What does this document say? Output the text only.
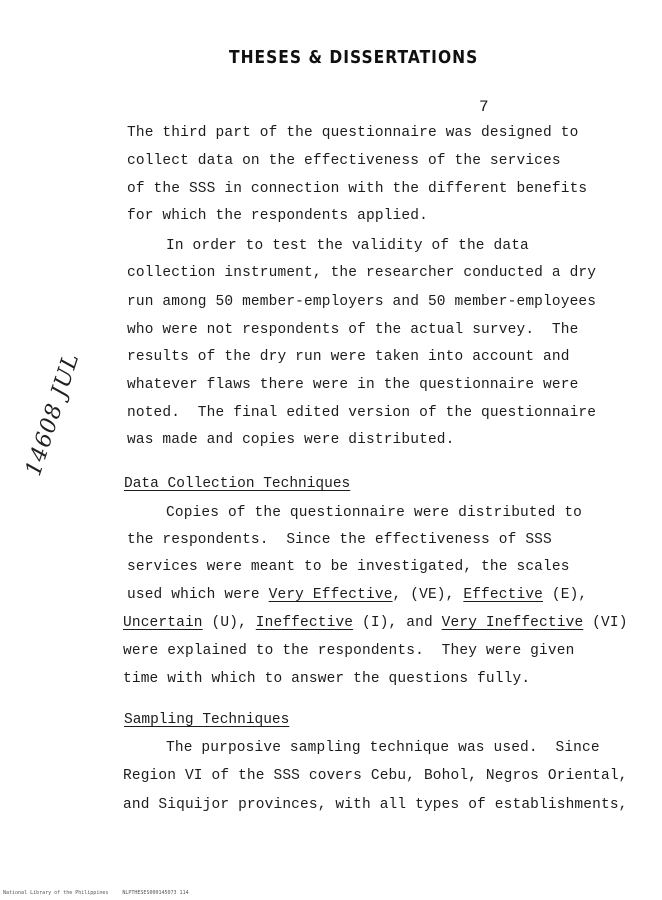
THESES & DISSERTATIONS
7
14608 JUL
The third part of the questionnaire was designed to
collect data on the effectiveness of the services
of the SSS in connection with the different benefits
for which the respondents applied.
In order to test the validity of the data
collection instrument, the researcher conducted a dry
run among 50 member-employers and 50 member-employees
who were not respondents of the actual survey.  The
results of the dry run were taken into account and
whatever flaws there were in the questionnaire were
noted.  The final edited version of the questionnaire
was made and copies were distributed.
Data Collection Techniques
Copies of the questionnaire were distributed to
the respondents.  Since the effectiveness of SSS
services were meant to be investigated, the scales
used which were Very Effective, (VE), Effective (E),
Uncertain (U), Ineffective (I), and Very Ineffective (VI)
were explained to the respondents.  They were given
time with which to answer the questions fully.
Sampling Techniques
The purposive sampling technique was used.  Since
Region VI of the SSS covers Cebu, Bohol, Negros Oriental,
and Siquijor provinces, with all types of establishments,
National Library of the Philippines	NLPTHESES000145073 114
